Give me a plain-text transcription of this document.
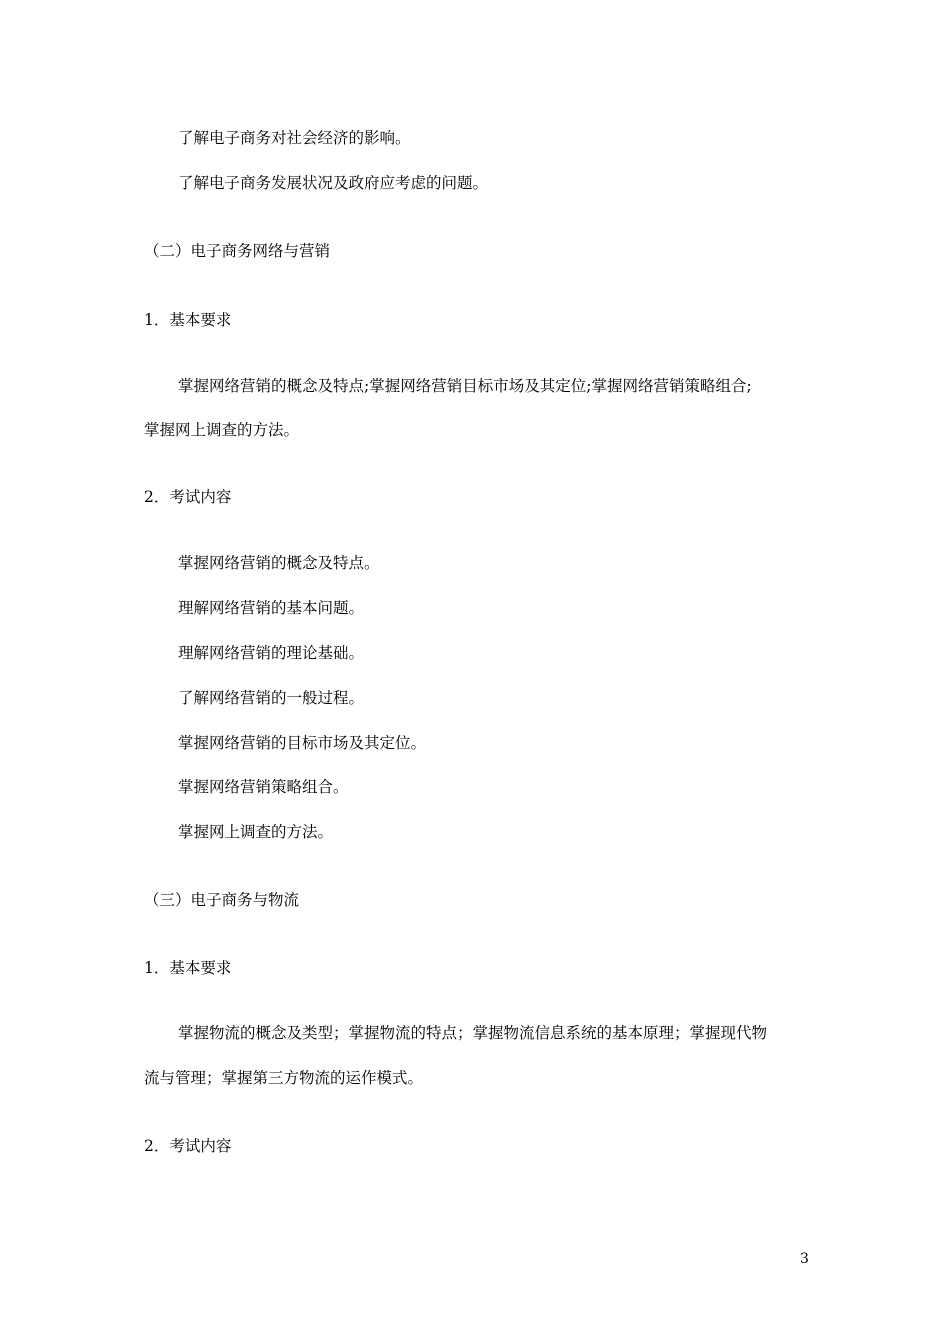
了解电子商务对社会经济的影响。

了解电子商务发展状况及政府应考虑的问题。

（二）电子商务网络与营销

1．基本要求

掌握网络营销的概念及特点;掌握网络营销目标市场及其定位;掌握网络营销策略组合;

掌握网上调查的方法。

2．考试内容

掌握网络营销的概念及特点。

理解网络营销的基本问题。

理解网络营销的理论基础。

了解网络营销的一般过程。

掌握网络营销的目标市场及其定位。

掌握网络营销策略组合。

掌握网上调查的方法。

（三）电子商务与物流

1．基本要求

掌握物流的概念及类型；掌握物流的特点；掌握物流信息系统的基本原理；掌握现代物

流与管理；掌握第三方物流的运作模式。

2．考试内容

3
